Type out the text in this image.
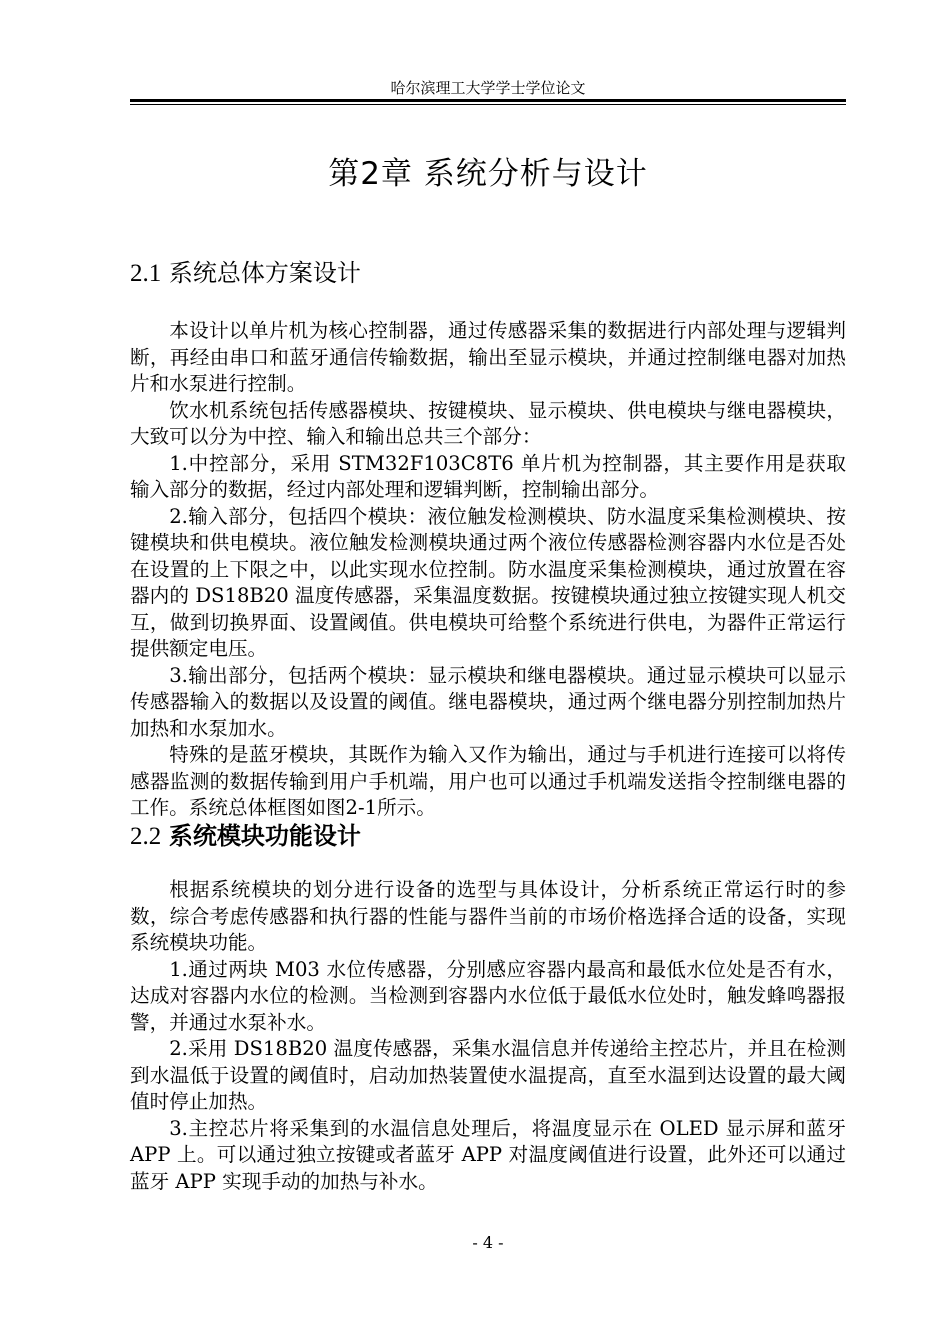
哈尔滨理工大学学士学位论文
第2章 系统分析与设计
2.1 系统总体方案设计

本设计以单片机为核心控制器，通过传感器采集的数据进行内部处理与逻辑判断，再经由串口和蓝牙通信传输数据，输出至显示模块，并通过控制继电器对加热片和水泵进行控制。

饮水机系统包括传感器模块、按键模块、显示模块、供电模块与继电器模块，大致可以分为中控、输入和输出总共三个部分：

1.中控部分，采用 STM32F103C8T6 单片机为控制器，其主要作用是获取输入部分的数据，经过内部处理和逻辑判断，控制输出部分。

2.输入部分，包括四个模块：液位触发检测模块、防水温度采集检测模块、按键模块和供电模块。液位触发检测模块通过两个液位传感器检测容器内水位是否处在设置的上下限之中，以此实现水位控制。防水温度采集检测模块，通过放置在容器内的 DS18B20 温度传感器，采集温度数据。按键模块通过独立按键实现人机交互，做到切换界面、设置阈值。供电模块可给整个系统进行供电，为器件正常运行提供额定电压。

3.输出部分，包括两个模块：显示模块和继电器模块。通过显示模块可以显示传感器输入的数据以及设置的阈值。继电器模块，通过两个继电器分别控制加热片加热和水泵加水。

特殊的是蓝牙模块，其既作为输入又作为输出，通过与手机进行连接可以将传感器监测的数据传输到用户手机端，用户也可以通过手机端发送指令控制继电器的工作。系统总体框图如图2-1所示。

2.2 系统模块功能设计

根据系统模块的划分进行设备的选型与具体设计，分析系统正常运行时的参数，综合考虑传感器和执行器的性能与器件当前的市场价格选择合适的设备，实现系统模块功能。

1.通过两块 M03 水位传感器，分别感应容器内最高和最低水位处是否有水，达成对容器内水位的检测。当检测到容器内水位低于最低水位处时，触发蜂鸣器报警，并通过水泵补水。

2.采用 DS18B20 温度传感器，采集水温信息并传递给主控芯片，并且在检测到水温低于设置的阈值时，启动加热装置使水温提高，直至水温到达设置的最大阈值时停止加热。

3.主控芯片将采集到的水温信息处理后，将温度显示在 OLED 显示屏和蓝牙 APP 上。可以通过独立按键或者蓝牙 APP 对温度阈值进行设置，此外还可以通过蓝牙 APP 实现手动的加热与补水。

- 4 -
